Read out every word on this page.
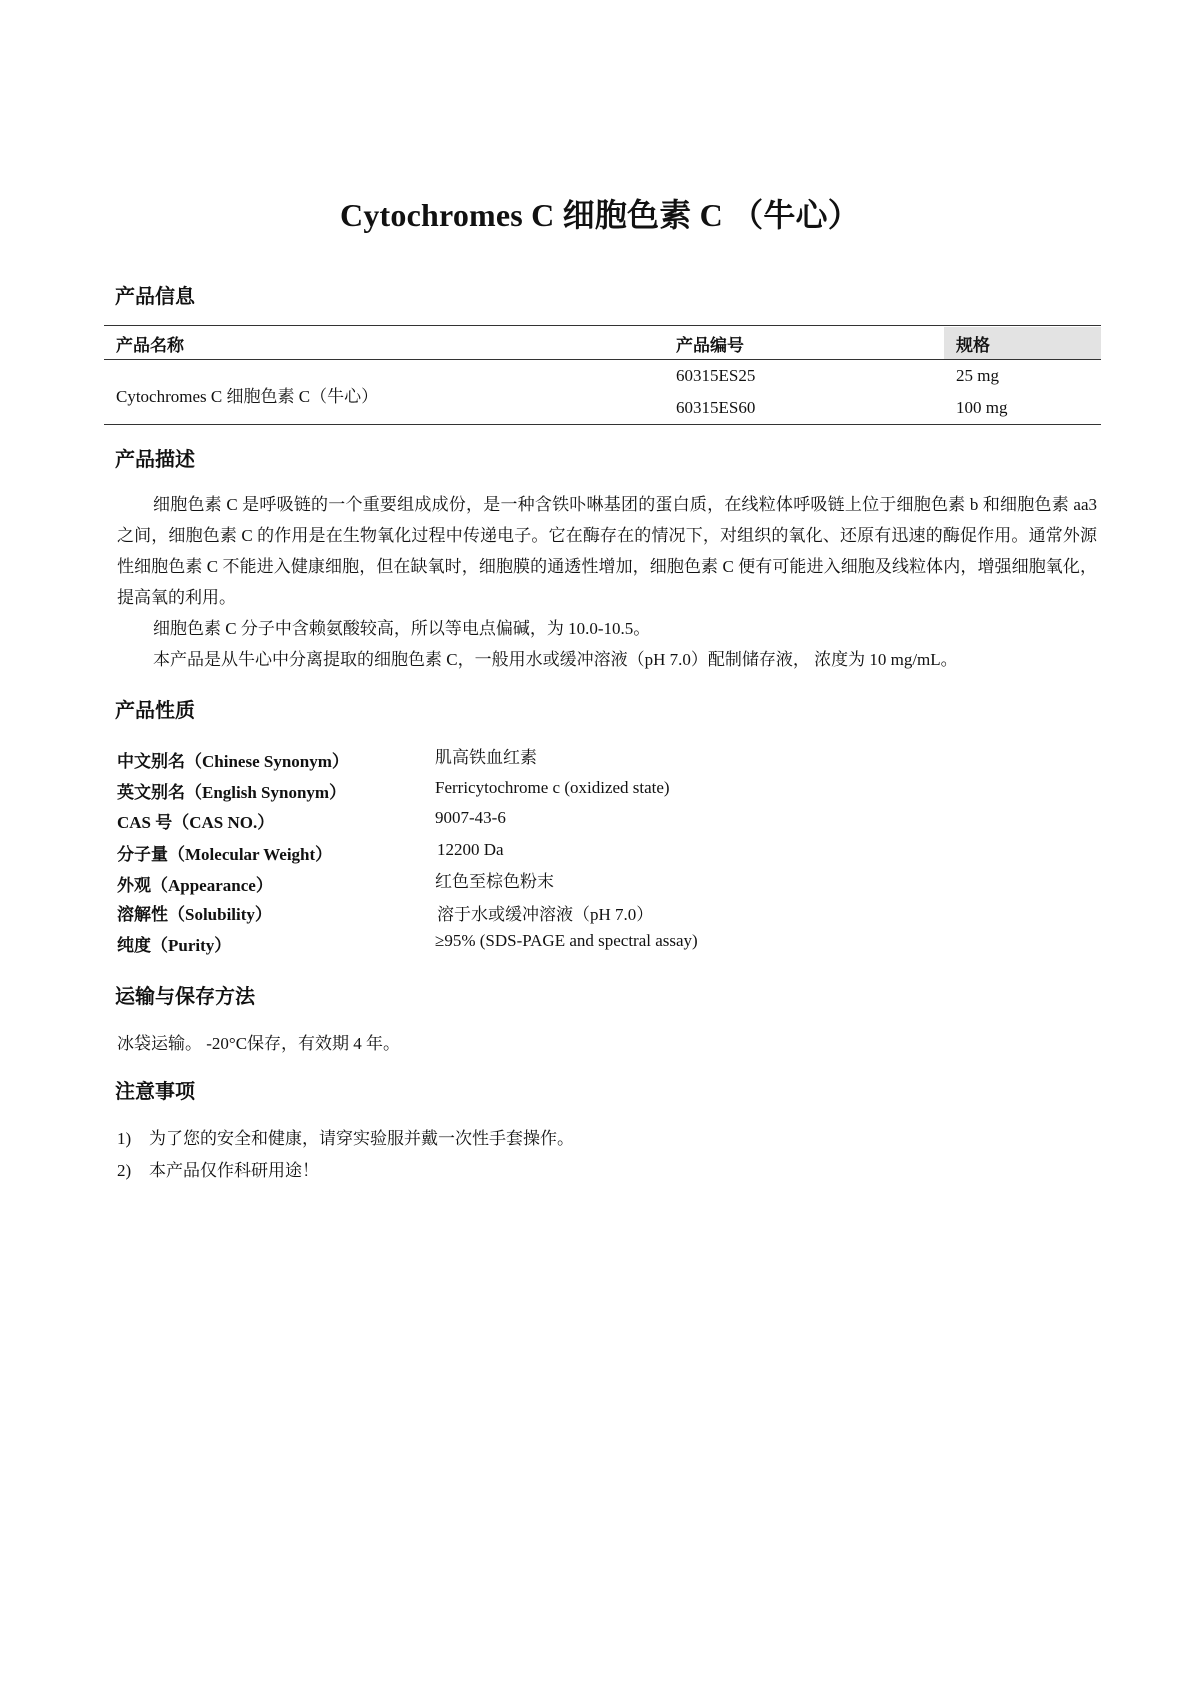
Cytochromes C 细胞色素 C （牛心）
产品信息
产品名称	产品编号	规格
Cytochromes C 细胞色素 C（牛心）
60315ES25	25 mg
60315ES60	100 mg
产品描述

细胞色素 C 是呼吸链的一个重要组成成份，是一种含铁卟啉基团的蛋白质，在线粒体呼吸链上位于细胞色素 b 和细胞色素 aa3 之间，细胞色素 C 的作用是在生物氧化过程中传递电子。它在酶存在的情况下，对组织的氧化、还原有迅速的酶促作用。通常外源性细胞色素 C 不能进入健康细胞，但在缺氧时，细胞膜的通透性增加，细胞色素 C 便有可能进入细胞及线粒体内，增强细胞氧化，提高氧的利用。

细胞色素 C 分子中含赖氨酸较高，所以等电点偏碱，为 10.0-10.5。

本产品是从牛心中分离提取的细胞色素 C，一般用水或缓冲溶液（pH 7.0）配制储存液， 浓度为 10 mg/mL。

产品性质
中文别名（Chinese Synonym）	肌高铁血红素
英文别名（English Synonym）	Ferricytochrome c (oxidized state)
CAS 号（CAS NO.）	9007-43-6
分子量（Molecular Weight）	12200 Da
外观（Appearance）	红色至棕色粉末
溶解性（Solubility）	溶于水或缓冲溶液（pH 7.0）
纯度（Purity）	≥95% (SDS-PAGE and spectral assay)
运输与保存方法
冰袋运输。 -20°C保存，有效期 4 年。
注意事项
1) 为了您的安全和健康，请穿实验服并戴一次性手套操作。
2) 本产品仅作科研用途！
